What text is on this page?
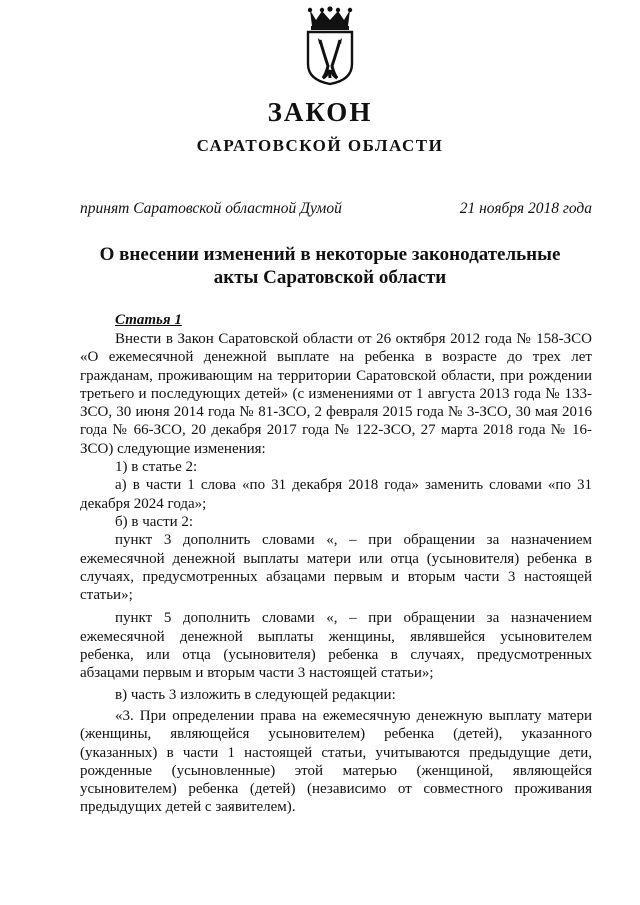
ЗАКОН
САРАТОВСКОЙ ОБЛАСТИ
принят Саратовской областной Думой	21 ноября 2018 года
О внесении изменений в некоторые законодательные
акты Саратовской области
Статья 1

Внести в Закон Саратовской области от 26 октября 2012 года № 158-ЗСО «О ежемесячной денежной выплате на ребенка в возрасте до трех лет гражданам, проживающим на территории Саратовской области, при рождении третьего и последующих детей» (с изменениями от 1 августа 2013 года № 133-ЗСО, 30 июня 2014 года № 81-ЗСО, 2 февраля 2015 года № 3-ЗСО, 30 мая 2016 года № 66-ЗСО, 20 декабря 2017 года № 122-ЗСО, 27 марта 2018 года № 16-ЗСО) следующие изменения:

1) в статье 2:

а) в части 1 слова «по 31 декабря 2018 года» заменить словами «по 31 декабря 2024 года»;

б) в части 2:

пункт 3 дополнить словами «, – при обращении за назначением ежемесячной денежной выплаты матери или отца (усыновителя) ребенка в случаях, предусмотренных абзацами первым и вторым части 3 настоящей статьи»;

пункт 5 дополнить словами «, – при обращении за назначением ежемесячной денежной выплаты женщины, являвшейся усыновителем ребенка, или отца (усыновителя) ребенка в случаях, предусмотренных абзацами первым и вторым части 3 настоящей статьи»;

в) часть 3 изложить в следующей редакции:

«3. При определении права на ежемесячную денежную выплату матери (женщины, являющейся усыновителем) ребенка (детей), указанного (указанных) в части 1 настоящей статьи, учитываются предыдущие дети, рожденные (усыновленные) этой матерью (женщиной, являющейся усыновителем) ребенка (детей) (независимо от совместного проживания предыдущих детей с заявителем).
